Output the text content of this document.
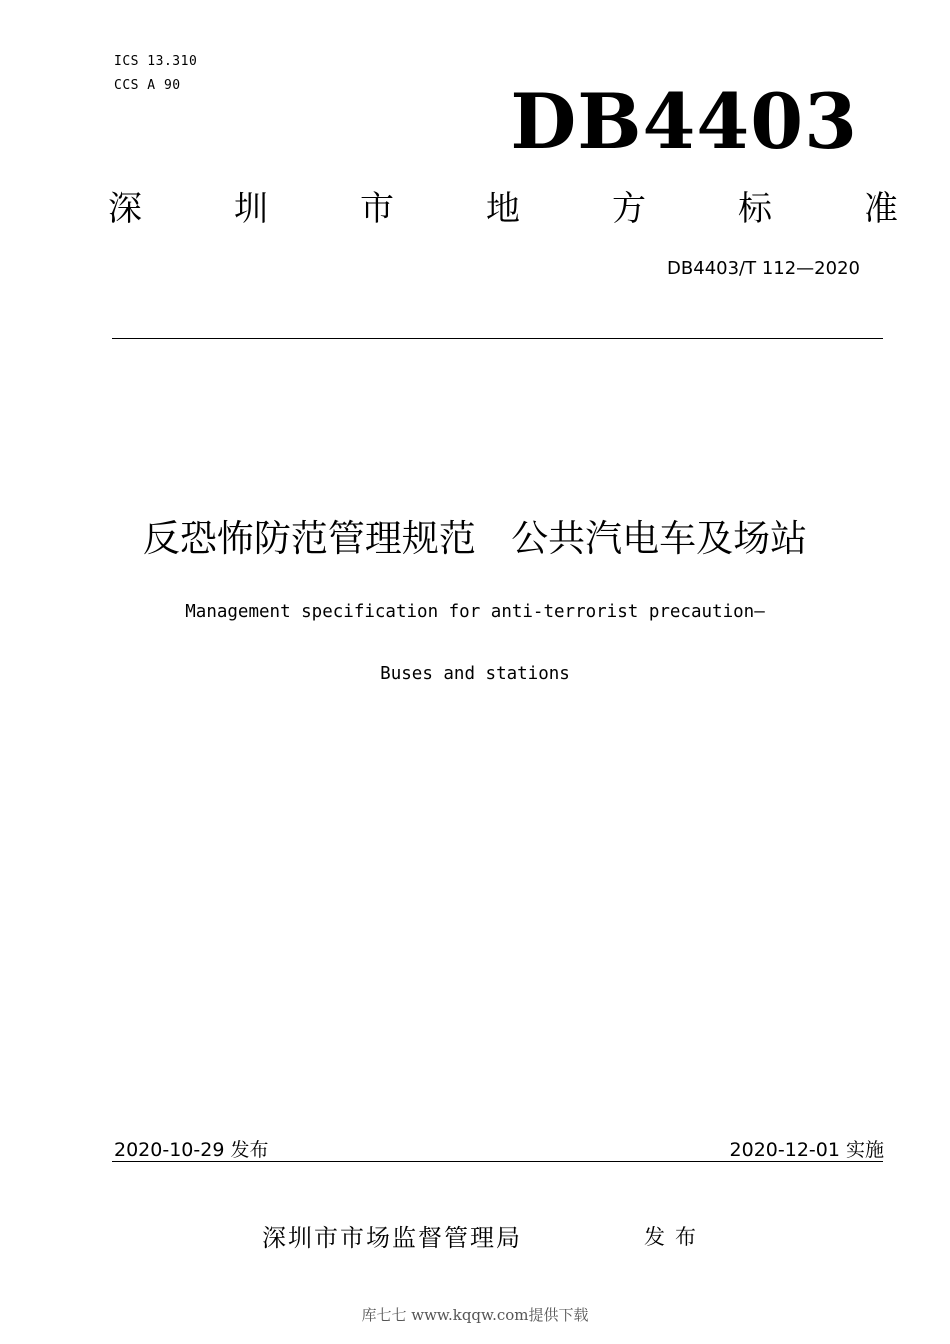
ICS 13.310
CCS A 90	DB4403
深	圳	市	地	方	标	准
DB4403/T 112—2020
反恐怖防范管理规范   公共汽电车及场站
Management specification for anti-terrorist precaution—
Buses and stations
2020-10-29 发布	2020-12-01 实施
深圳市市场监督管理局	发布
库七七 www.kqqw.com提供下载
